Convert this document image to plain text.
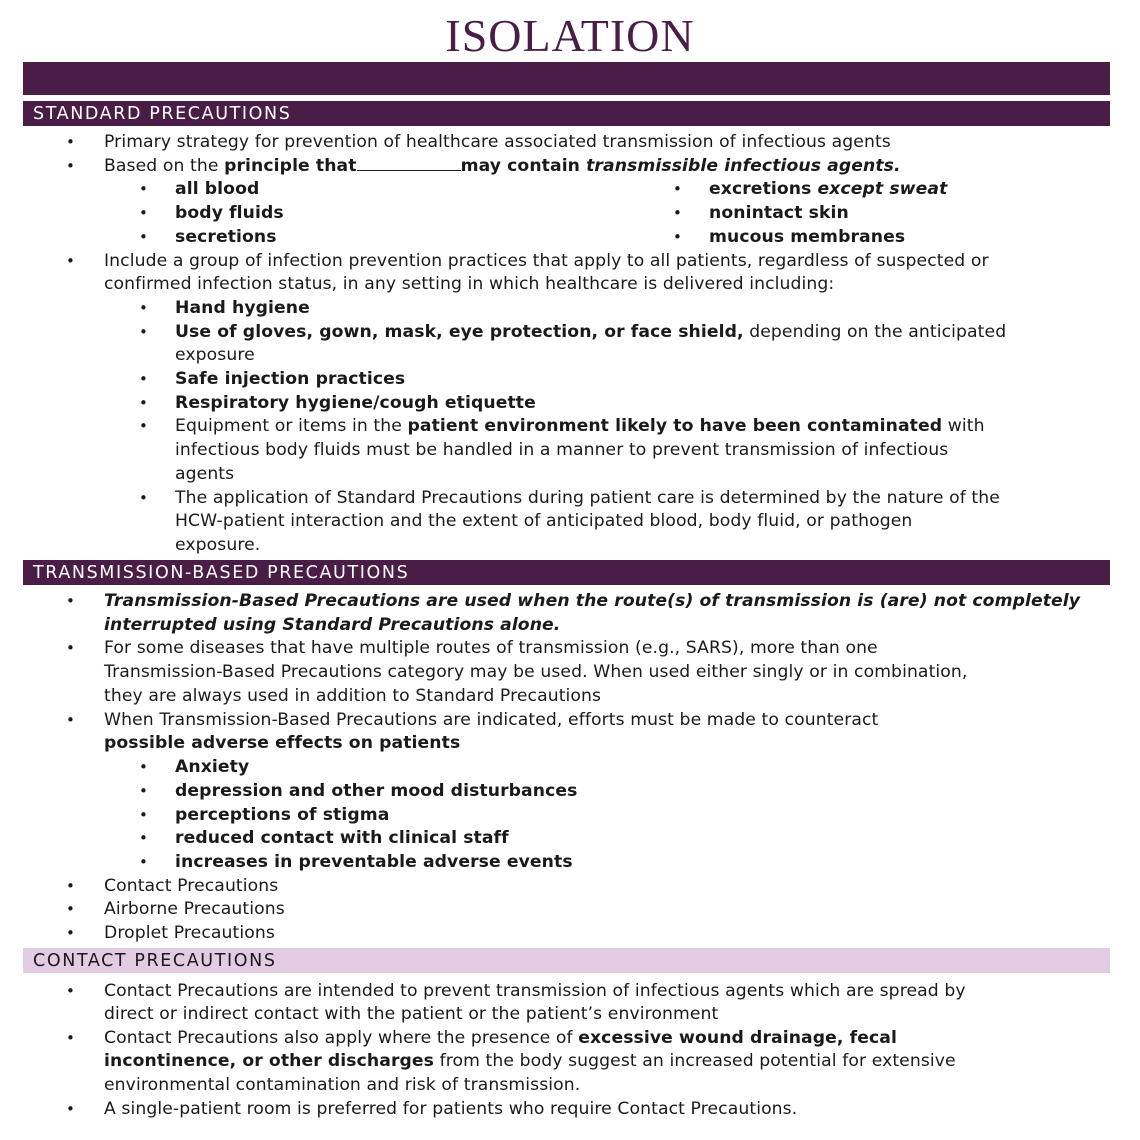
ISOLATION
STANDARD PRECAUTIONS
• Primary strategy for prevention of healthcare associated transmission of infectious agents
• Based on the principle that	may contain transmissible infectious agents.
• all blood
• body fluids
• secretions
• excretions except sweat
• nonintact skin
• mucous membranes
• Include a group of infection prevention practices that apply to all patients, regardless of suspected or
confirmed infection status, in any setting in which healthcare is delivered including:
• Hand hygiene
• Use of gloves, gown, mask, eye protection, or face shield, depending on the anticipated
exposure
• Safe injection practices
• Respiratory hygiene/cough etiquette
• Equipment or items in the patient environment likely to have been contaminated with
infectious body fluids must be handled in a manner to prevent transmission of infectious
agents
• The application of Standard Precautions during patient care is determined by the nature of the
HCW-patient interaction and the extent of anticipated blood, body fluid, or pathogen
exposure.
TRANSMISSION-BASED PRECAUTIONS
• Transmission-Based Precautions are used when the route(s) of transmission is (are) not completely
interrupted using Standard Precautions alone.
• For some diseases that have multiple routes of transmission (e.g., SARS), more than one
Transmission-Based Precautions category may be used. When used either singly or in combination,
they are always used in addition to Standard Precautions
• When Transmission-Based Precautions are indicated, efforts must be made to counteract
possible adverse effects on patients
• Anxiety
• depression and other mood disturbances
• perceptions of stigma
• reduced contact with clinical staff
• increases in preventable adverse events
• Contact Precautions
• Airborne Precautions
• Droplet Precautions
CONTACT PRECAUTIONS
• Contact Precautions are intended to prevent transmission of infectious agents which are spread by
direct or indirect contact with the patient or the patient’s environment
• Contact Precautions also apply where the presence of excessive wound drainage, fecal
incontinence, or other discharges from the body suggest an increased potential for extensive
environmental contamination and risk of transmission.
• A single-patient room is preferred for patients who require Contact Precautions.
